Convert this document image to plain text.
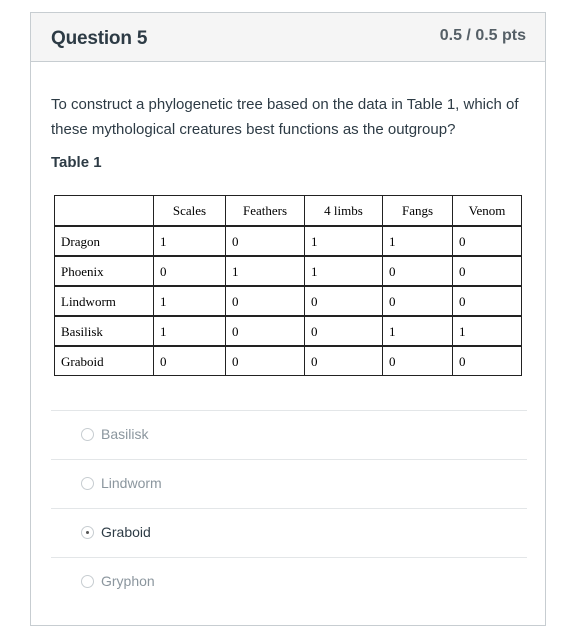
Question 5	0.5 / 0.5 pts
To construct a phylogenetic tree based on the data in Table 1, which of these mythological creatures best functions as the outgroup?
Table 1
	Scales	Feathers	4 limbs	Fangs	Venom
Dragon	1	0	1	1	0
Phoenix	0	1	1	0	0
Lindworm	1	0	0	0	0
Basilisk	1	0	0	1	1
Graboid	0	0	0	0	0
Basilisk
Lindworm
Graboid
Gryphon
